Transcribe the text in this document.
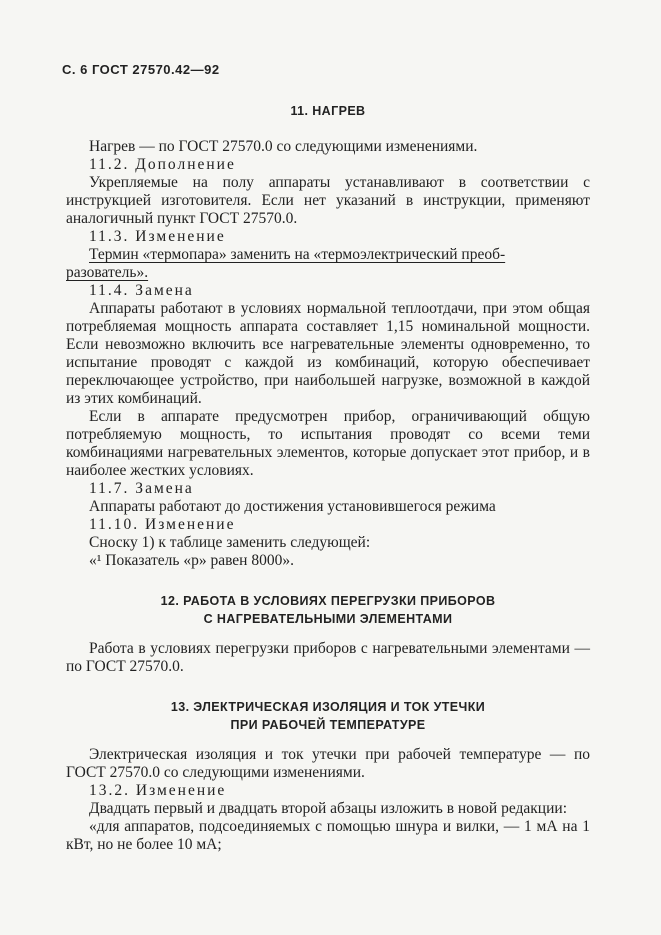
С. 6 ГОСТ 27570.42—92
11. НАГРЕВ

Нагрев — по ГОСТ 27570.0 со следующими изменениями.

11.2. Дополнение

Укрепляемые на полу аппараты устанавливают в соответствии с инструкцией изготовителя. Если нет указаний в инструкции, применяют аналогичный пункт ГОСТ 27570.0.

11.3. Изменение

Термин «термопара» заменить на «термоэлектрический преоб-
разователь».

11.4. Замена

Аппараты работают в условиях нормальной теплоотдачи, при этом общая потребляемая мощность аппарата составляет 1,15 номинальной мощности. Если невозможно включить все нагревательные элементы одновременно, то испытание проводят с каждой из комбинаций, которую обеспечивает переключающее устройство, при наибольшей нагрузке, возможной в каждой из этих комбинаций.

Если в аппарате предусмотрен прибор, ограничивающий общую потребляемую мощность, то испытания проводят со всеми теми комбинациями нагревательных элементов, которые допускает этот прибор, и в наиболее жестких условиях.

11.7. Замена

Аппараты работают до достижения установившегося режима

11.10. Изменение

Сноску 1) к таблице заменить следующей:

«¹ Показатель «р» равен 8000».

12. РАБОТА В УСЛОВИЯХ ПЕРЕГРУЗКИ ПРИБОРОВ
С НАГРЕВАТЕЛЬНЫМИ ЭЛЕМЕНТАМИ

Работа в условиях перегрузки приборов с нагревательными элементами — по ГОСТ 27570.0.

13. ЭЛЕКТРИЧЕСКАЯ ИЗОЛЯЦИЯ И ТОК УТЕЧКИ
ПРИ РАБОЧЕЙ ТЕМПЕРАТУРЕ

Электрическая изоляция и ток утечки при рабочей температуре — по ГОСТ 27570.0 со следующими изменениями.

13.2. Изменение

Двадцать первый и двадцать второй абзацы изложить в новой редакции:

«для аппаратов, подсоединяемых с помощью шнура и вилки, — 1 мА на 1 кВт, но не более 10 мА;
